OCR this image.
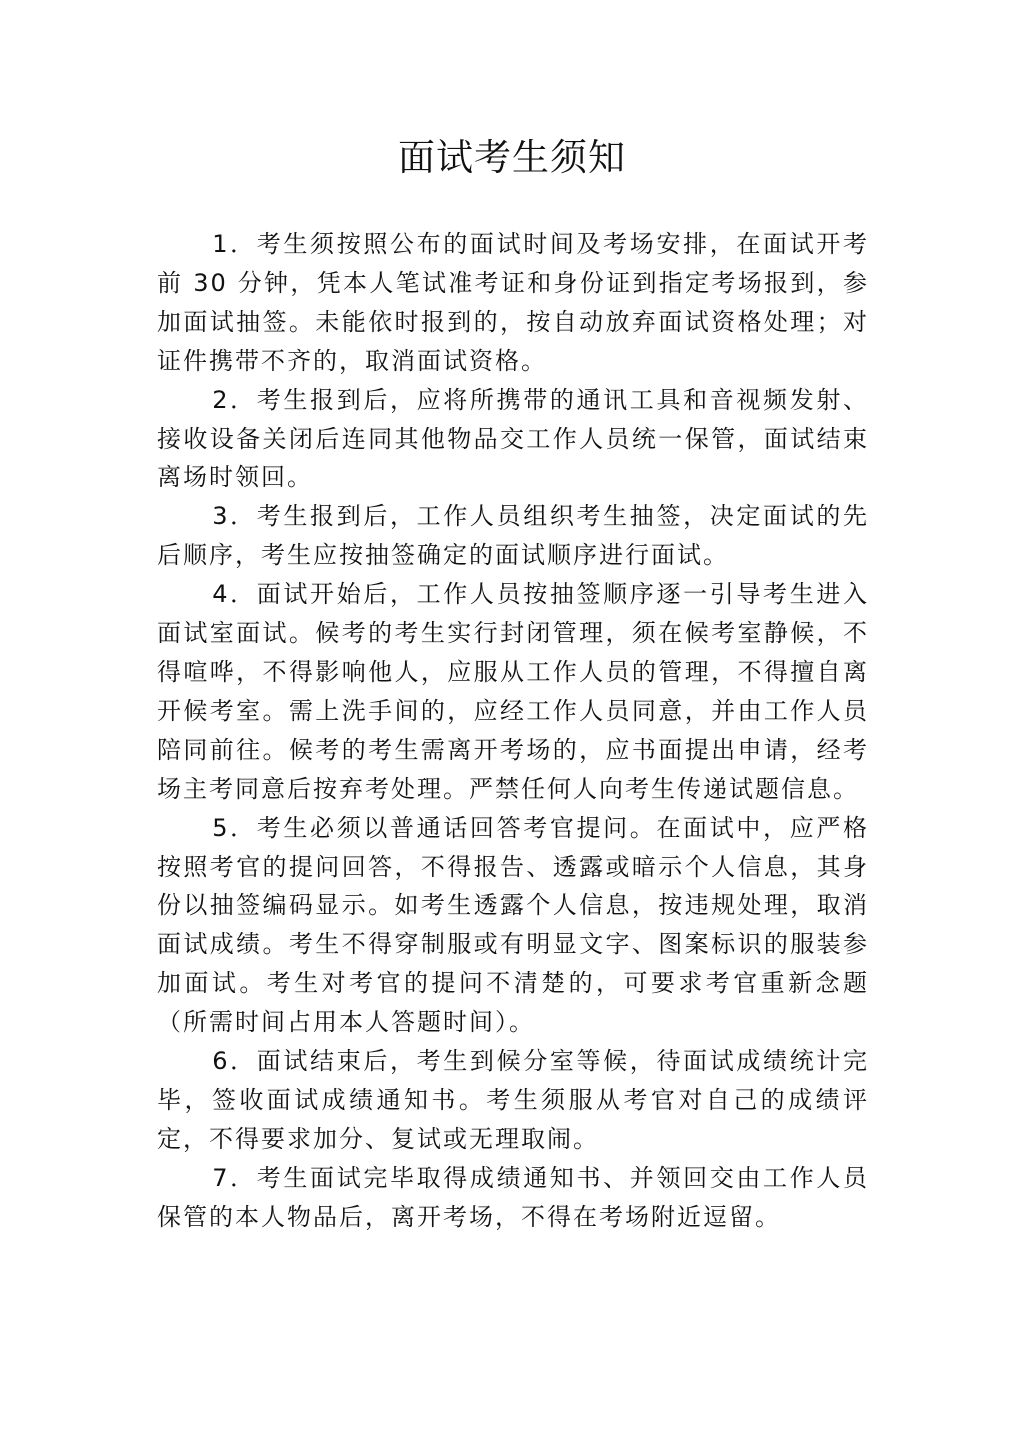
面试考生须知

1．考生须按照公布的面试时间及考场安排，在面试开考前 30 分钟，凭本人笔试准考证和身份证到指定考场报到，参加面试抽签。未能依时报到的，按自动放弃面试资格处理；对证件携带不齐的，取消面试资格。

2．考生报到后，应将所携带的通讯工具和音视频发射、接收设备关闭后连同其他物品交工作人员统一保管，面试结束离场时领回。

3．考生报到后，工作人员组织考生抽签，决定面试的先后顺序，考生应按抽签确定的面试顺序进行面试。

4．面试开始后，工作人员按抽签顺序逐一引导考生进入面试室面试。候考的考生实行封闭管理，须在候考室静候，不得喧哗，不得影响他人，应服从工作人员的管理，不得擅自离开候考室。需上洗手间的，应经工作人员同意，并由工作人员陪同前往。候考的考生需离开考场的，应书面提出申请，经考场主考同意后按弃考处理。严禁任何人向考生传递试题信息。

5．考生必须以普通话回答考官提问。在面试中，应严格按照考官的提问回答，不得报告、透露或暗示个人信息，其身份以抽签编码显示。如考生透露个人信息，按违规处理，取消面试成绩。考生不得穿制服或有明显文字、图案标识的服装参加面试。考生对考官的提问不清楚的，可要求考官重新念题（所需时间占用本人答题时间）。

6．面试结束后，考生到候分室等候，待面试成绩统计完毕，签收面试成绩通知书。考生须服从考官对自己的成绩评定，不得要求加分、复试或无理取闹。

7．考生面试完毕取得成绩通知书、并领回交由工作人员保管的本人物品后，离开考场，不得在考场附近逗留。
